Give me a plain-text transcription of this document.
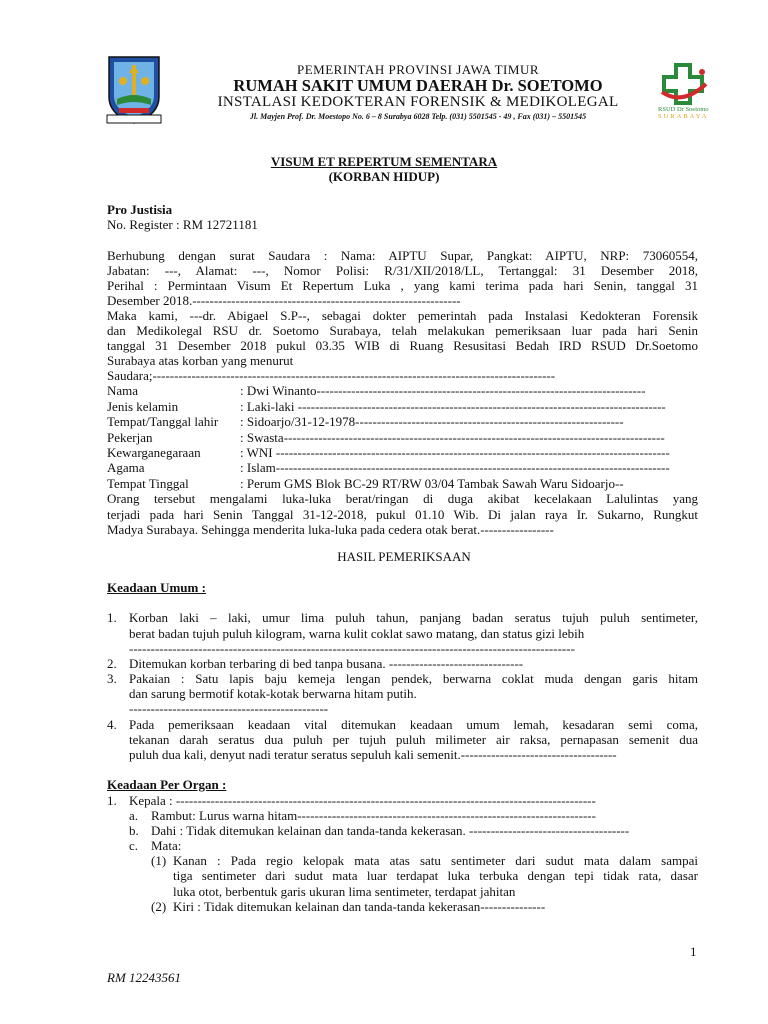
PEMERINTAH PROVINSI JAWA TIMUR
RUMAH SAKIT UMUM DAERAH Dr. SOETOMO
INSTALASI KEDOKTERAN FORENSIK & MEDIKOLEGAL
Jl. Mayjen Prof. Dr. Moestopo No. 6 – 8 Surabya 6028 Telp. (031) 5501545 - 49 , Fax (031) – 5501545
RSUD Dr Soetomo
SURABAYA
VISUM ET REPERTUM SEMENTARA
(KORBAN HIDUP)
Pro Justisia
No. Register : RM 12721181
Berhubung dengan surat Saudara : Nama: AIPTU Supar, Pangkat: AIPTU, NRP: 73060554,
Jabatan: ---, Alamat: ---, Nomor Polisi: R/31/XII/2018/LL, Tertanggal: 31 Desember 2018,
Perihal : Permintaan Visum Et Repertum Luka , yang kami terima pada hari Senin, tanggal 31
Desember 2018.--------------------------------------------------------------
Maka kami, ---dr. Abigael S.P--, sebagai dokter pemerintah pada Instalasi Kedokteran Forensik
dan Medikolegal RSU dr. Soetomo Surabaya, telah melakukan pemeriksaan luar pada hari Senin
tanggal 31 Desember 2018 pukul 03.35 WIB di Ruang Resusitasi Bedah IRD RSUD Dr.Soetomo
Surabaya atas korban yang menurut
Saudara;---------------------------------------------------------------------------------------------
Nama	: Dwi Winanto----------------------------------------------------------------------------
Jenis kelamin	: Laki-laki -------------------------------------------------------------------------------------
Tempat/Tanggal lahir : Sidoarjo/31-12-1978--------------------------------------------------------------
Pekerjan	: Swasta----------------------------------------------------------------------------------------
Kewarganegaraan	: WNI -------------------------------------------------------------------------------------------
Agama	: Islam-------------------------------------------------------------------------------------------
Tempat Tinggal	: Perum GMS Blok BC-29 RT/RW 03/04 Tambak Sawah Waru Sidoarjo--
Orang tersebut mengalami luka-luka berat/ringan di duga akibat kecelakaan Lalulintas yang
terjadi pada hari Senin Tanggal 31-12-2018, pukul 01.10 Wib. Di jalan raya Ir. Sukarno, Rungkut
Madya Surabaya. Sehingga menderita luka-luka pada cedera otak berat.-----------------
HASIL PEMERIKSAAN
Keadaan Umum :
1. Korban laki – laki, umur lima puluh tahun, panjang badan seratus tujuh puluh sentimeter,
berat badan tujuh puluh kilogram, warna kulit coklat sawo matang, dan status gizi lebih
-------------------------------------------------------------------------------------------------------
2. Ditemukan korban terbaring di bed tanpa busana. -------------------------------
3. Pakaian : Satu lapis baju kemeja lengan pendek, berwarna coklat muda dengan garis hitam
dan sarung bermotif kotak-kotak berwarna hitam putih.
----------------------------------------------
4. Pada pemeriksaan keadaan vital ditemukan keadaan umum lemah, kesadaran semi coma,
tekanan darah seratus dua puluh per tujuh puluh milimeter air raksa, pernapasan semenit dua
puluh dua kali, denyut nadi teratur seratus sepuluh kali semenit.------------------------------------
Keadaan Per Organ :
1. Kepala : -------------------------------------------------------------------------------------------------
a. Rambut: Lurus warna hitam---------------------------------------------------------------------
b. Dahi : Tidak ditemukan kelainan dan tanda-tanda kekerasan. -------------------------------------
c. Mata:
(1) Kanan : Pada regio kelopak mata atas satu sentimeter dari sudut mata dalam sampai
tiga sentimeter dari sudut mata luar terdapat luka terbuka dengan tepi tidak rata, dasar
luka otot, berbentuk garis ukuran lima sentimeter, terdapat jahitan
(2) Kiri : Tidak ditemukan kelainan dan tanda-tanda kekerasan---------------
1
RM 12243561
